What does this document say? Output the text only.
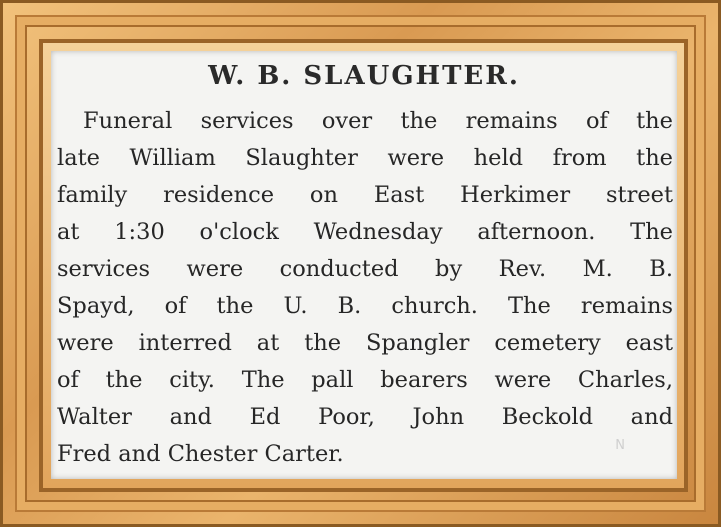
W. B. SLAUGHTER.
Funeral services over the remains of the
late William Slaughter were held from the
family residence on East Herkimer street
at 1:30 o'clock Wednesday afternoon. The
services were conducted by Rev. M. B.
Spayd, of the U. B. church. The remains
were interred at the Spangler cemetery east
of the city. The pall bearers were Charles,
Walter and Ed Poor, John Beckold and
Fred and Chester Carter.	N
